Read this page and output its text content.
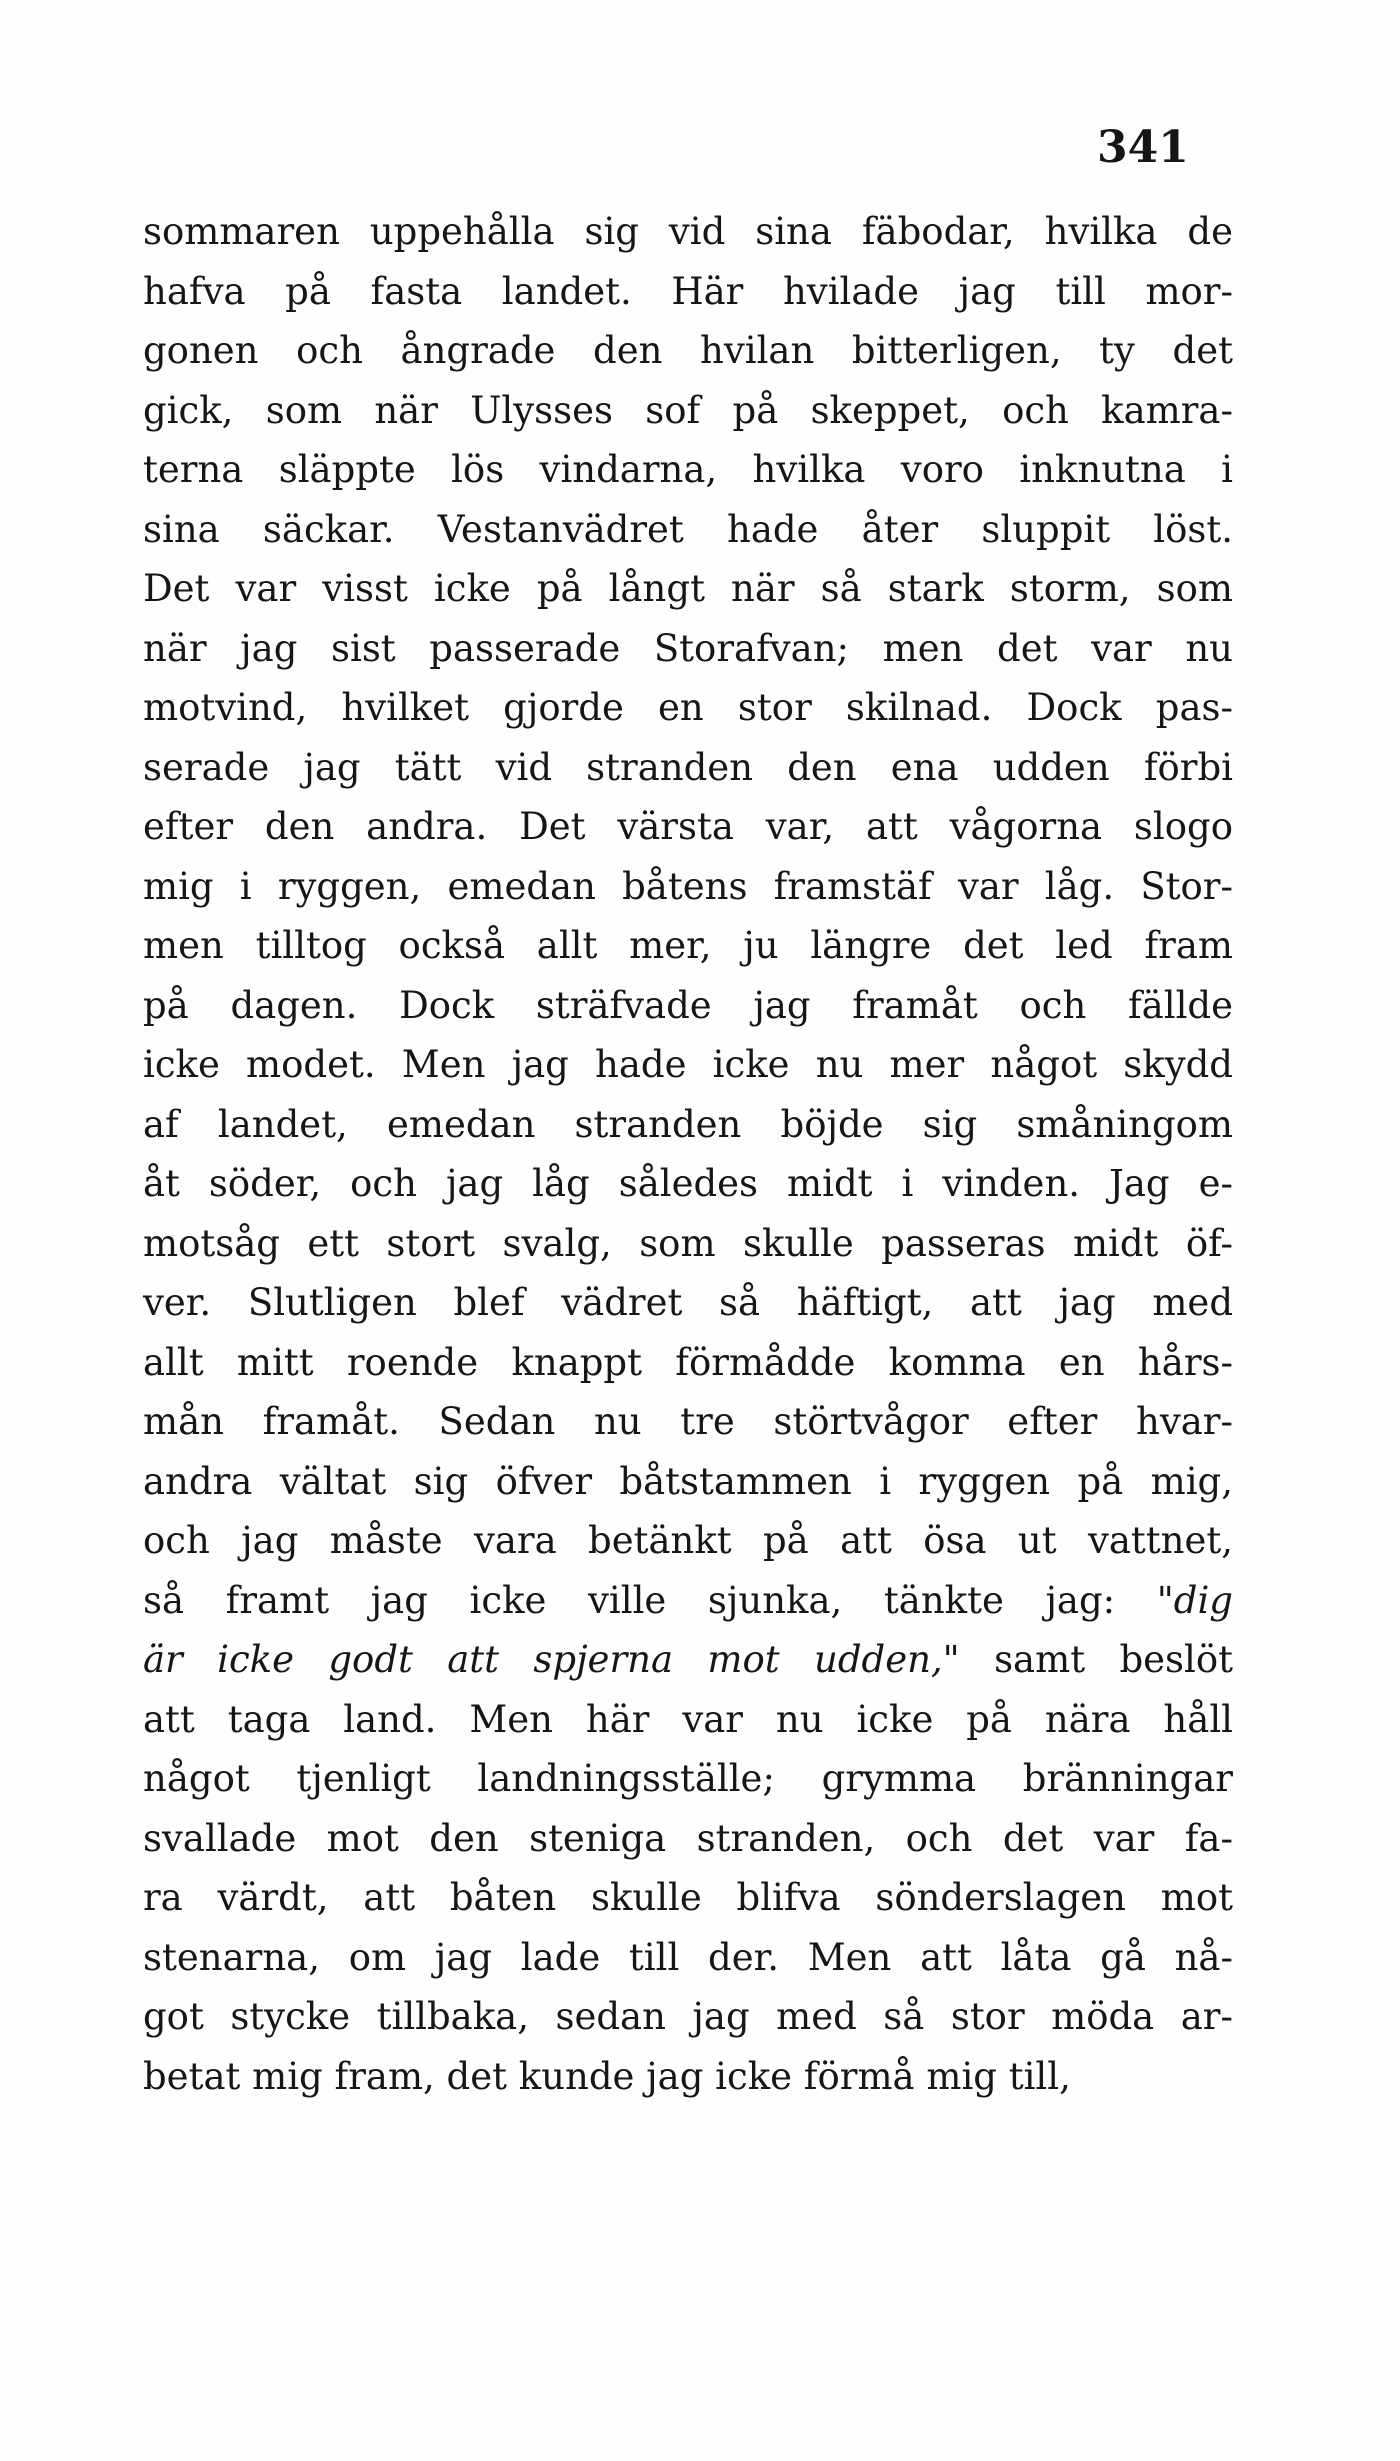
341
sommaren uppehålla sig vid sina fäbodar, hvilka de
hafva på fasta landet. Här hvilade jag till mor-
gonen och ångrade den hvilan bitterligen, ty det
gick, som när Ulysses sof på skeppet, och kamra-
terna släppte lös vindarna, hvilka voro inknutna i
sina säckar. Vestanvädret hade åter sluppit löst.
Det var visst icke på långt när så stark storm, som
när jag sist passerade Storafvan; men det var nu
motvind, hvilket gjorde en stor skilnad. Dock pas-
serade jag tätt vid stranden den ena udden förbi
efter den andra. Det värsta var, att vågorna slogo
mig i ryggen, emedan båtens framstäf var låg. Stor-
men tilltog också allt mer, ju längre det led fram
på dagen. Dock sträfvade jag framåt och fällde
icke modet. Men jag hade icke nu mer något skydd
af landet, emedan stranden böjde sig småningom
åt söder, och jag låg således midt i vinden. Jag e-
motsåg ett stort svalg, som skulle passeras midt öf-
ver. Slutligen blef vädret så häftigt, att jag med
allt mitt roende knappt förmådde komma en hårs-
mån framåt. Sedan nu tre störtvågor efter hvar-
andra vältat sig öfver båtstammen i ryggen på mig,
och jag måste vara betänkt på att ösa ut vattnet,
så framt jag icke ville sjunka, tänkte jag: "dig
är icke godt att spjerna mot udden," samt beslöt
att taga land. Men här var nu icke på nära håll
något tjenligt landningsställe; grymma bränningar
svallade mot den steniga stranden, och det var fa-
ra värdt, att båten skulle blifva sönderslagen mot
stenarna, om jag lade till der. Men att låta gå nå-
got stycke tillbaka, sedan jag med så stor möda ar-
betat mig fram, det kunde jag icke förmå mig till,
